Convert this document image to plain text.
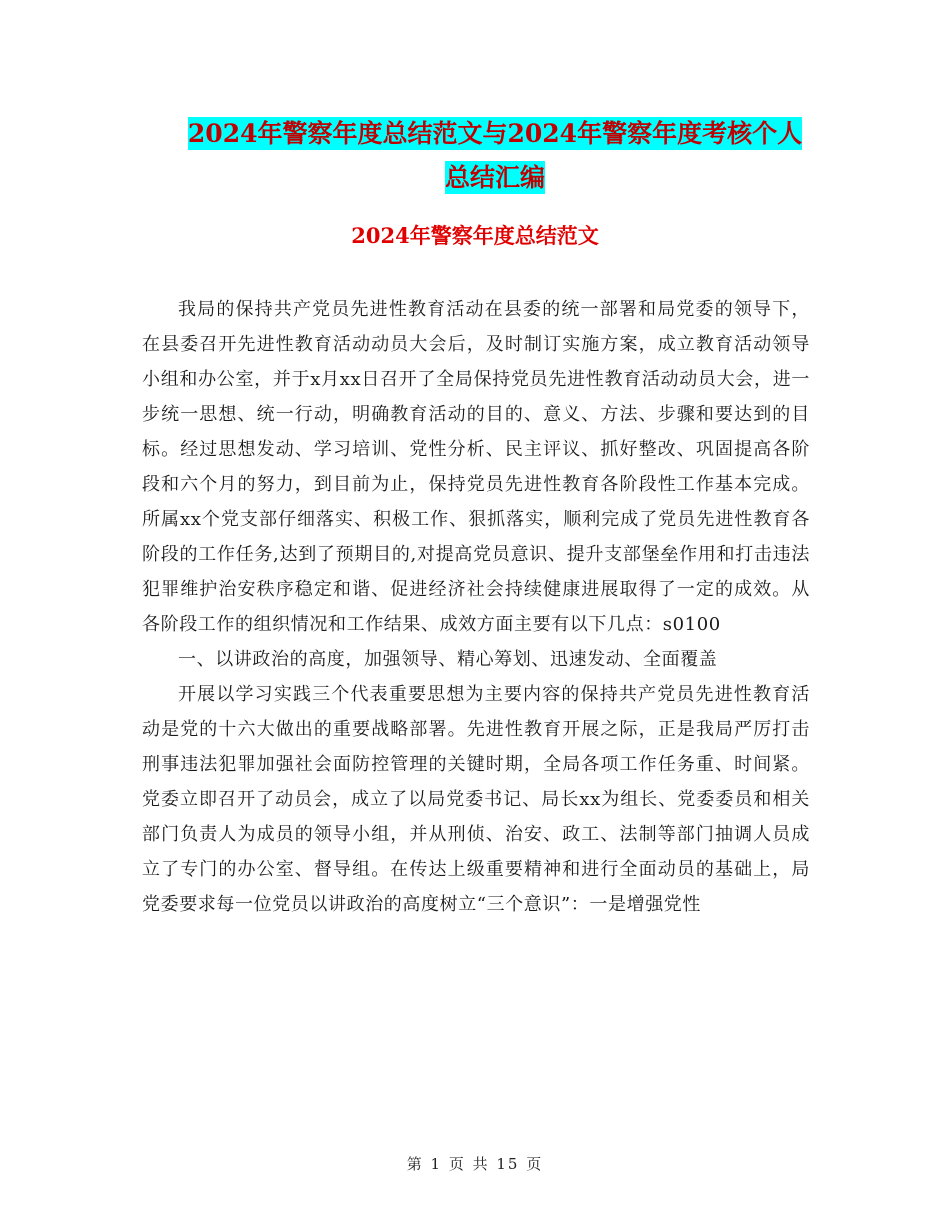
2024年警察年度总结范文与2024年警察年度考核个人
总结汇编
2024年警察年度总结范文

我局的保持共产党员先进性教育活动在县委的统一部署和局党委的领导下，在县委召开先进性教育活动动员大会后，及时制订实施方案，成立教育活动领导小组和办公室，并于x月xx日召开了全局保持党员先进性教育活动动员大会，进一步统一思想、统一行动，明确教育活动的目的、意义、方法、步骤和要达到的目标。经过思想发动、学习培训、党性分析、民主评议、抓好整改、巩固提高各阶段和六个月的努力，到目前为止，保持党员先进性教育各阶段性工作基本完成。所属xx个党支部仔细落实、积极工作、狠抓落实，顺利完成了党员先进性教育各阶段的工作任务,达到了预期目的,对提高党员意识、提升支部堡垒作用和打击违法犯罪维护治安秩序稳定和谐、促进经济社会持续健康进展取得了一定的成效。从各阶段工作的组织情况和工作结果、成效方面主要有以下几点：s0100

一、以讲政治的高度，加强领导、精心筹划、迅速发动、全面覆盖

开展以学习实践三个代表重要思想为主要内容的保持共产党员先进性教育活动是党的十六大做出的重要战略部署。先进性教育开展之际，正是我局严厉打击刑事违法犯罪加强社会面防控管理的关键时期，全局各项工作任务重、时间紧。党委立即召开了动员会，成立了以局党委书记、局长xx为组长、党委委员和相关部门负责人为成员的领导小组，并从刑侦、治安、政工、法制等部门抽调人员成立了专门的办公室、督导组。在传达上级重要精神和进行全面动员的基础上，局党委要求每一位党员以讲政治的高度树立“三个意识”：一是增强党性

第 1 页 共 15 页
